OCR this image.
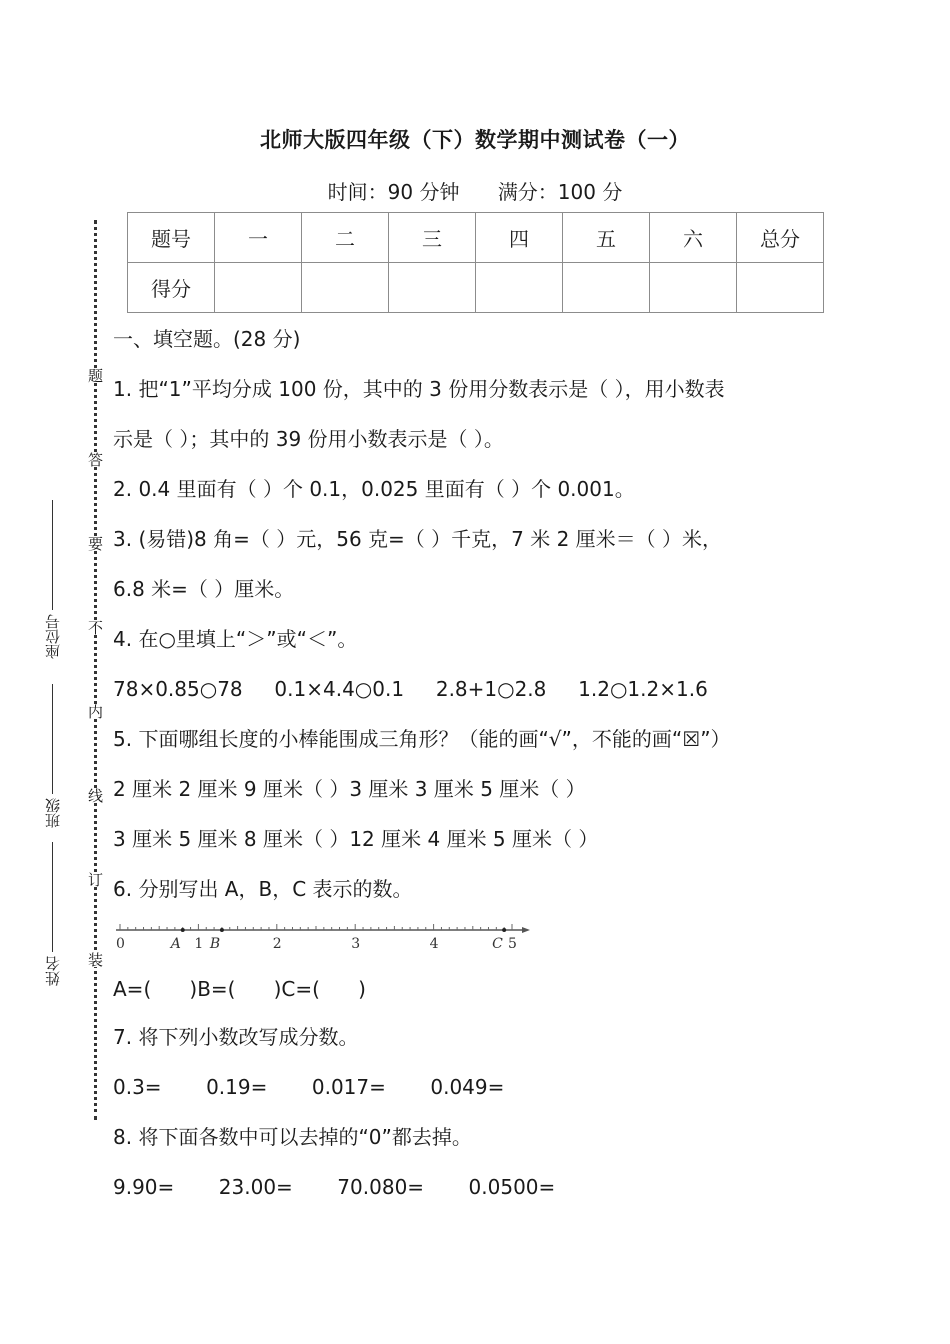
北师大版四年级（下）数学期中测试卷（一）
时间：90 分钟 满分：100 分
题号	一	二	三	四	五	六	总分
得分							
题
答
要
不
内
线
订
装
座位号
班级
姓名
一、填空题。(28 分)
1. 把“1”平均分成 100 份，其中的 3 份用分数表示是（ ），用小数表
示是（ ）；其中的 39 份用小数表示是（ ）。
2. 0.4 里面有（ ）个 0.1，0.025 里面有（ ）个 0.001。
3. (易错)8 角=（ ）元，56 克=（ ）千克，7 米 2 厘米＝（ ）米，
6.8 米=（ ）厘米。
4. 在○里填上“＞”或“＜”。
78×0.85○78     0.1×4.4○0.1     2.8+1○2.8     1.2○1.2×1.6
5. 下面哪组长度的小棒能围成三角形？（能的画“√”，不能的画“☒”）
2 厘米 2 厘米 9 厘米（ ）3 厘米 3 厘米 5 厘米（ ）
3 厘米 5 厘米 8 厘米（ ）12 厘米 4 厘米 5 厘米（ ）
6. 分别写出 A，B，C 表示的数。
0	1	2	3	4	5
A B	C
A=(      )B=(      )C=(      )
7. 将下列小数改写成分数。
0.3=       0.19=       0.017=       0.049=
8. 将下面各数中可以去掉的“0”都去掉。
9.90=       23.00=       70.080=       0.0500=
